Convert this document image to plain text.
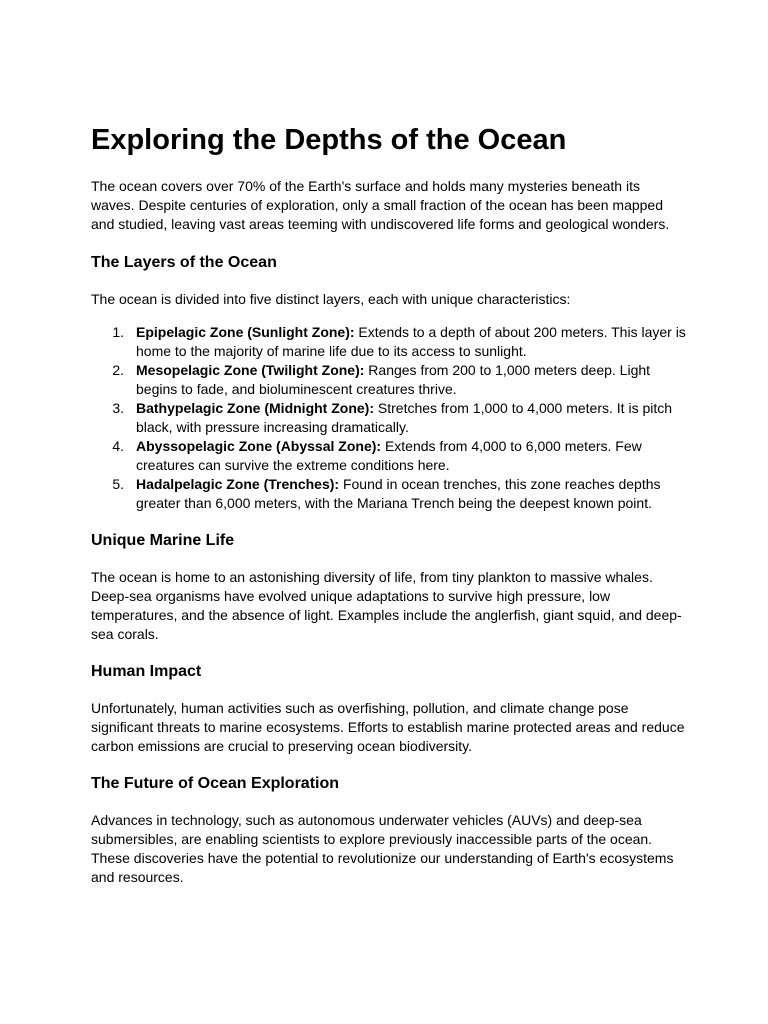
Exploring the Depths of the Ocean

The ocean covers over 70% of the Earth's surface and holds many mysteries beneath its waves. Despite centuries of exploration, only a small fraction of the ocean has been mapped and studied, leaving vast areas teeming with undiscovered life forms and geological wonders.

The Layers of the Ocean

The ocean is divided into five distinct layers, each with unique characteristics:

1. Epipelagic Zone (Sunlight Zone): Extends to a depth of about 200 meters. This layer is home to the majority of marine life due to its access to sunlight.
2. Mesopelagic Zone (Twilight Zone): Ranges from 200 to 1,000 meters deep. Light begins to fade, and bioluminescent creatures thrive.
3. Bathypelagic Zone (Midnight Zone): Stretches from 1,000 to 4,000 meters. It is pitch black, with pressure increasing dramatically.
4. Abyssopelagic Zone (Abyssal Zone): Extends from 4,000 to 6,000 meters. Few creatures can survive the extreme conditions here.
5. Hadalpelagic Zone (Trenches): Found in ocean trenches, this zone reaches depths greater than 6,000 meters, with the Mariana Trench being the deepest known point.
Unique Marine Life

The ocean is home to an astonishing diversity of life, from tiny plankton to massive whales. Deep-sea organisms have evolved unique adaptations to survive high pressure, low temperatures, and the absence of light. Examples include the anglerfish, giant squid, and deep-sea corals.

Human Impact

Unfortunately, human activities such as overfishing, pollution, and climate change pose significant threats to marine ecosystems. Efforts to establish marine protected areas and reduce carbon emissions are crucial to preserving ocean biodiversity.

The Future of Ocean Exploration

Advances in technology, such as autonomous underwater vehicles (AUVs) and deep-sea submersibles, are enabling scientists to explore previously inaccessible parts of the ocean. These discoveries have the potential to revolutionize our understanding of Earth's ecosystems and resources.
